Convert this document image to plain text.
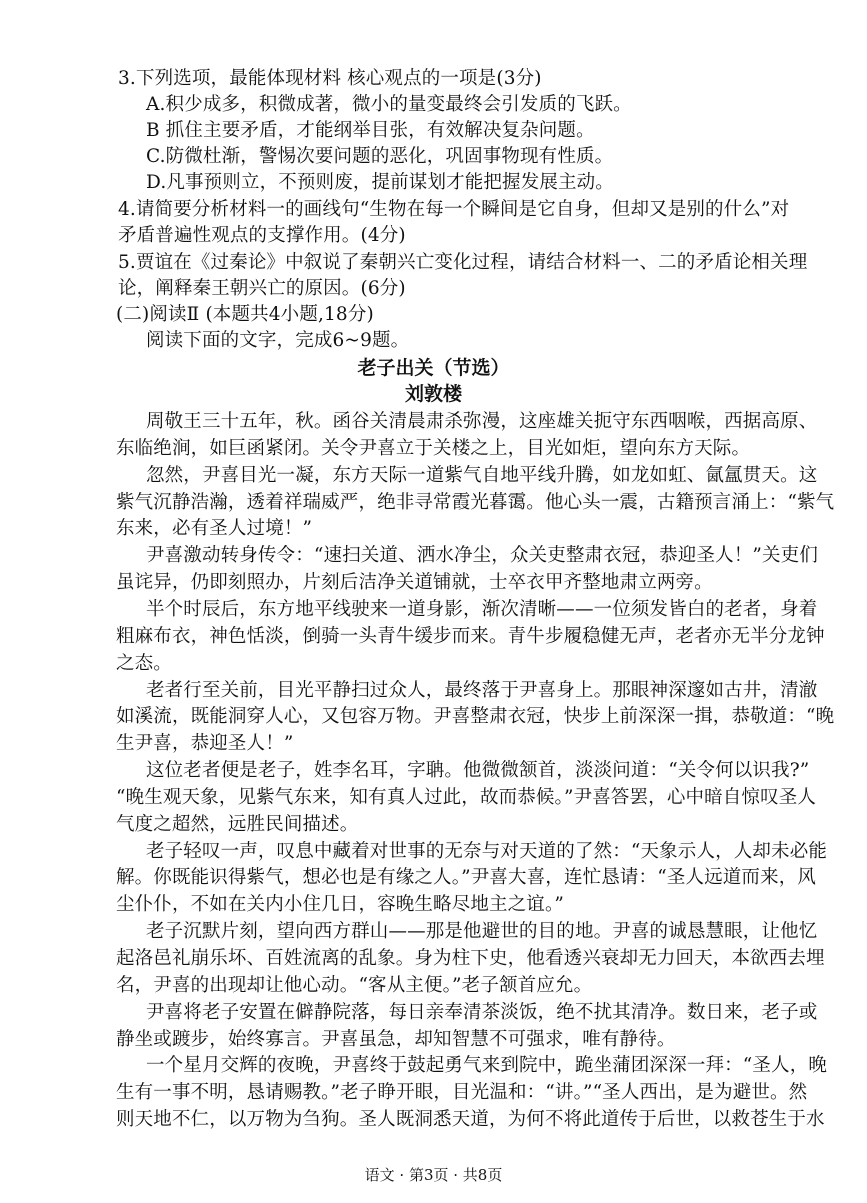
3.下列选项，最能体现材料 核心观点的一项是(3分)
A.积少成多，积微成著，微小的量变最终会引发质的飞跃。
B 抓住主要矛盾，才能纲举目张，有效解决复杂问题。
C.防微杜渐，警惕次要问题的恶化，巩固事物现有性质。
D.凡事预则立，不预则废，提前谋划才能把握发展主动。
4.请简要分析材料一的画线句“生物在每一个瞬间是它自身，但却又是别的什么”对
矛盾普遍性观点的支撑作用。(4分)
5.贾谊在《过秦论》中叙说了秦朝兴亡变化过程，请结合材料一、二的矛盾论相关理
论，阐释秦王朝兴亡的原因。(6分)
(二)阅读Ⅱ (本题共4小题,18分)
阅读下面的文字，完成6~9题。
老子出关（节选）
刘敦楼
周敬王三十五年，秋。函谷关清晨肃杀弥漫，这座雄关扼守东西咽喉，西据高原、
东临绝涧，如巨函紧闭。关令尹喜立于关楼之上，目光如炬，望向东方天际。
忽然，尹喜目光一凝，东方天际一道紫气自地平线升腾，如龙如虹、氤氲贯天。这
紫气沉静浩瀚，透着祥瑞威严，绝非寻常霞光暮霭。他心头一震，古籍预言涌上：“紫气
东来，必有圣人过境！”
尹喜激动转身传令：“速扫关道、洒水净尘，众关吏整肃衣冠，恭迎圣人！”关吏们
虽诧异，仍即刻照办，片刻后洁净关道铺就，士卒衣甲齐整地肃立两旁。
半个时辰后，东方地平线驶来一道身影，渐次清晰——一位须发皆白的老者，身着
粗麻布衣，神色恬淡，倒骑一头青牛缓步而来。青牛步履稳健无声，老者亦无半分龙钟
之态。
老者行至关前，目光平静扫过众人，最终落于尹喜身上。那眼神深邃如古井，清澈
如溪流，既能洞穿人心，又包容万物。尹喜整肃衣冠，快步上前深深一揖，恭敬道：“晚
生尹喜，恭迎圣人！”
这位老者便是老子，姓李名耳，字聃。他微微颔首，淡淡问道：“关令何以识我?”
“晚生观天象，见紫气东来，知有真人过此，故而恭候。”尹喜答罢，心中暗自惊叹圣人
气度之超然，远胜民间描述。
老子轻叹一声，叹息中藏着对世事的无奈与对天道的了然：“天象示人，人却未必能
解。你既能识得紫气，想必也是有缘之人。”尹喜大喜，连忙恳请：“圣人远道而来，风
尘仆仆，不如在关内小住几日，容晚生略尽地主之谊。”
老子沉默片刻，望向西方群山——那是他避世的目的地。尹喜的诚恳慧眼，让他忆
起洛邑礼崩乐坏、百姓流离的乱象。身为柱下史，他看透兴衰却无力回天，本欲西去埋
名，尹喜的出现却让他心动。“客从主便。”老子颔首应允。
尹喜将老子安置在僻静院落，每日亲奉清茶淡饭，绝不扰其清净。数日来，老子或
静坐或踱步，始终寡言。尹喜虽急，却知智慧不可强求，唯有静待。
一个星月交辉的夜晚，尹喜终于鼓起勇气来到院中，跪坐蒲团深深一拜：“圣人，晚
生有一事不明，恳请赐教。”老子睁开眼，目光温和：“讲。”“圣人西出，是为避世。然
则天地不仁，以万物为刍狗。圣人既洞悉天道，为何不将此道传于后世，以救苍生于水
语文 · 第3页 · 共8页
